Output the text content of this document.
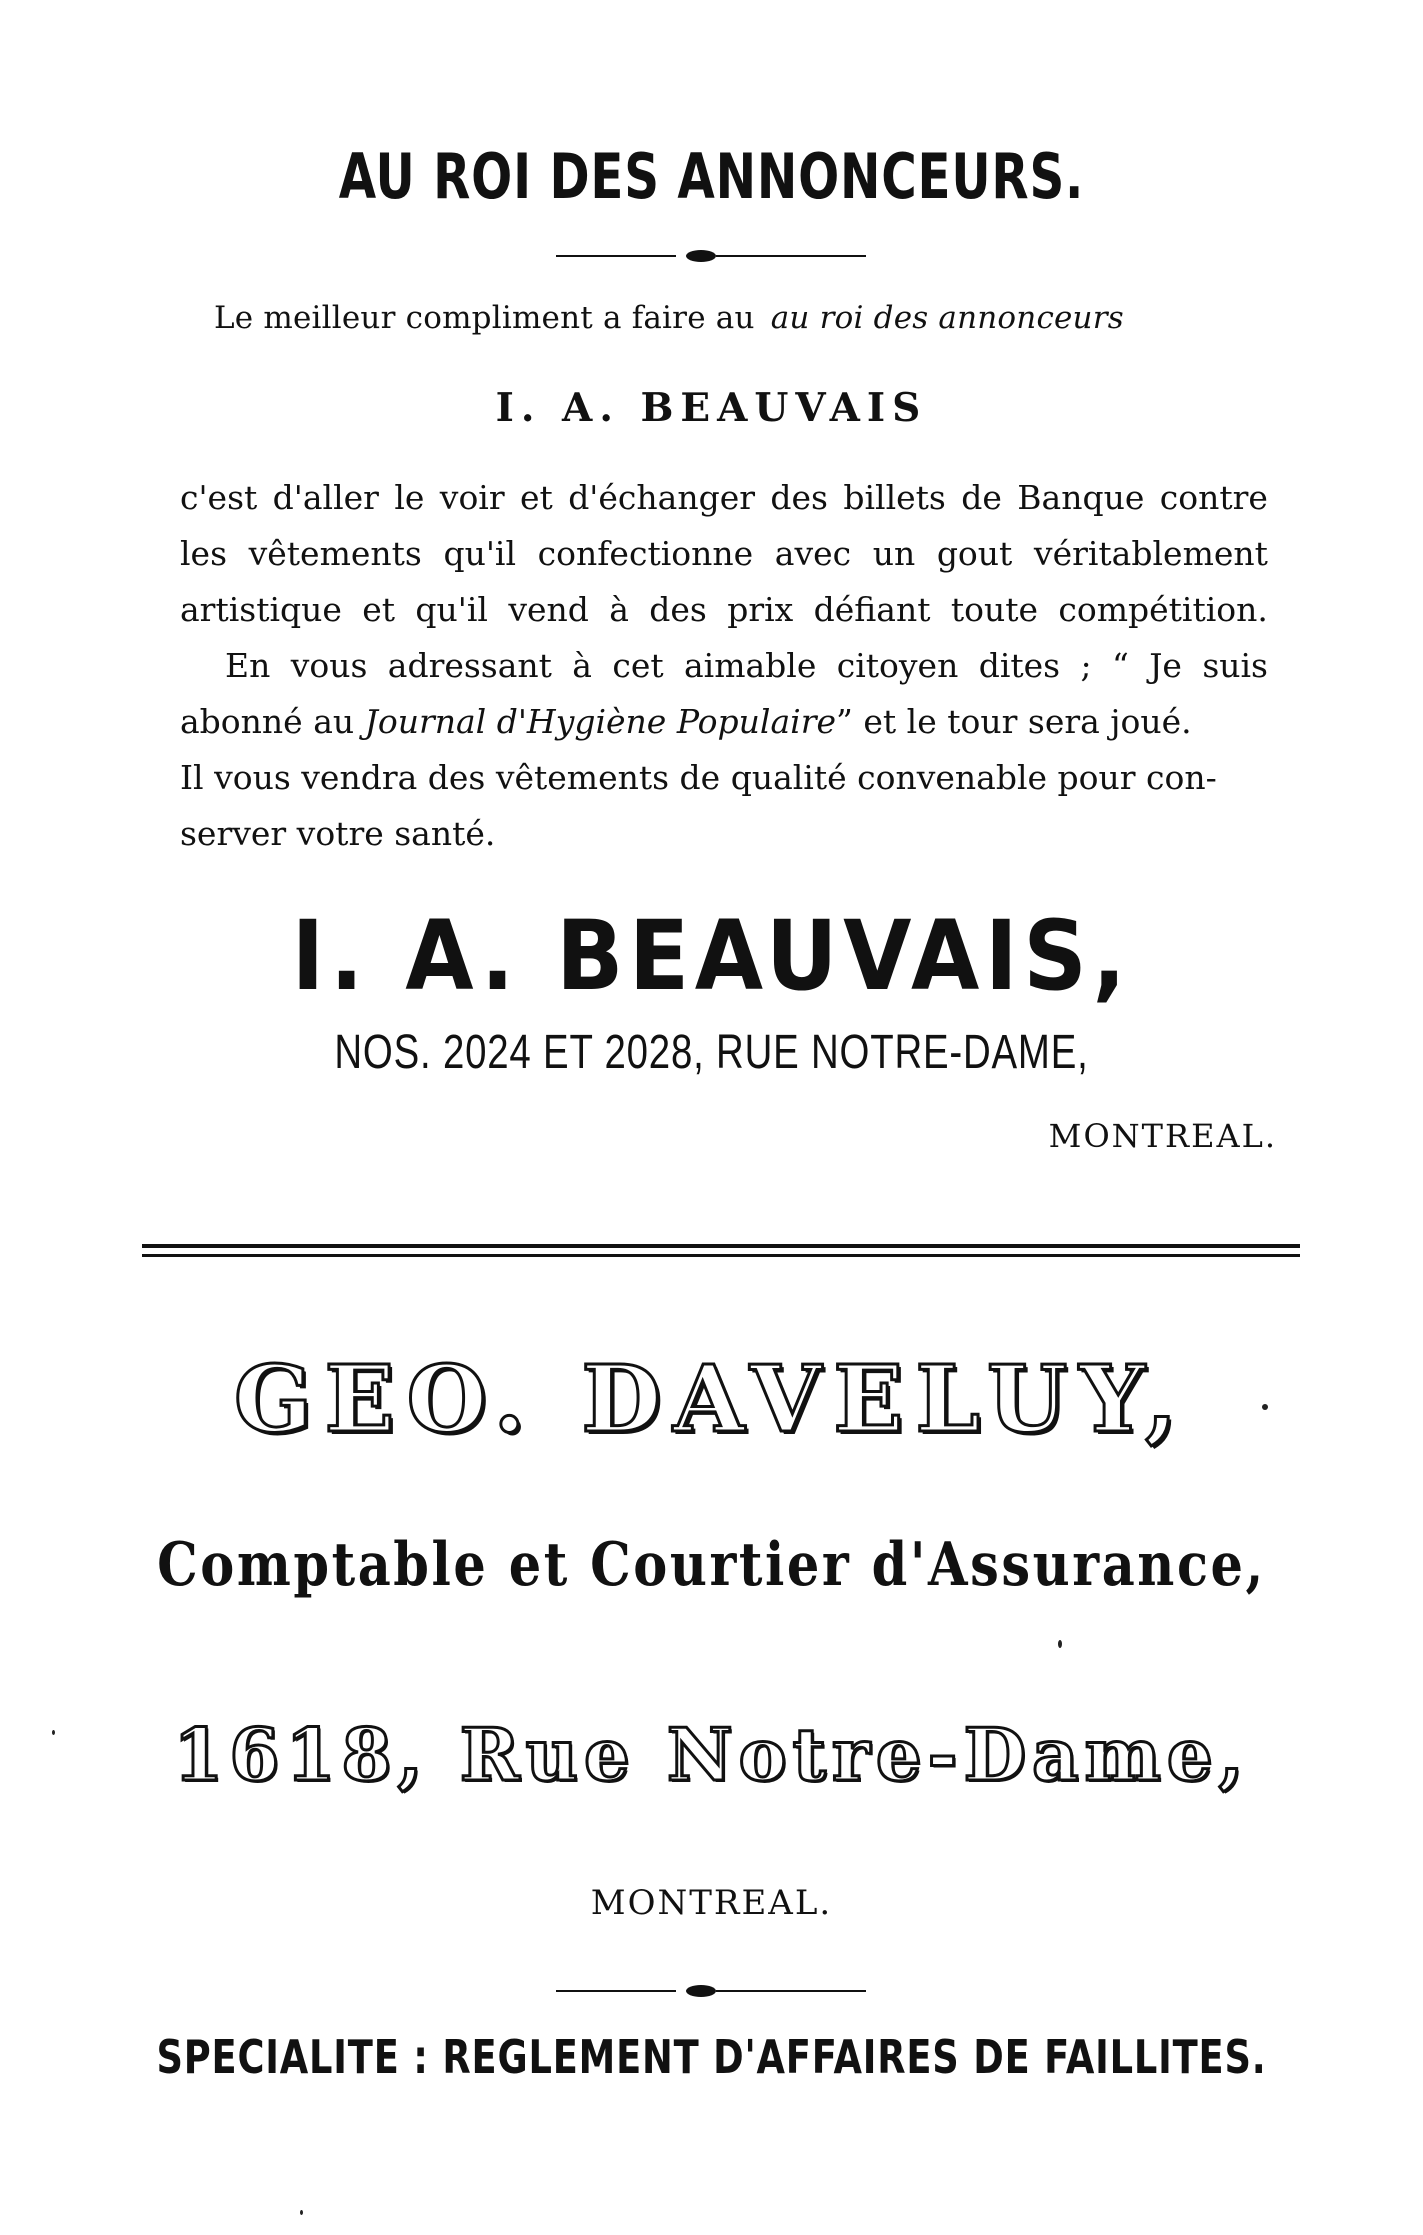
AU ROI DES ANNONCEURS.
Le meilleur compliment a faire au au roi des annonceurs
I. A. BEAUVAIS
c'est d'aller le voir et d'échanger des billets de Banque contre
les vêtements qu'il confectionne avec un gout véritablement
artistique et qu'il vend à des prix défiant toute compétition.
En vous adressant à cet aimable citoyen dites ; “ Je suis
abonné au Journal d'Hygiène Populaire” et le tour sera joué.
Il vous vendra des vêtements de qualité convenable pour con-
server votre santé.
I. A. BEAUVAIS,
NOS. 2024 ET 2028, RUE NOTRE-DAME,
MONTREAL.
GEO. DAVELUY,
Comptable et Courtier d'Assurance,
1618, Rue Notre-Dame,
MONTREAL.
SPECIALITE : REGLEMENT D'AFFAIRES DE FAILLITES.
